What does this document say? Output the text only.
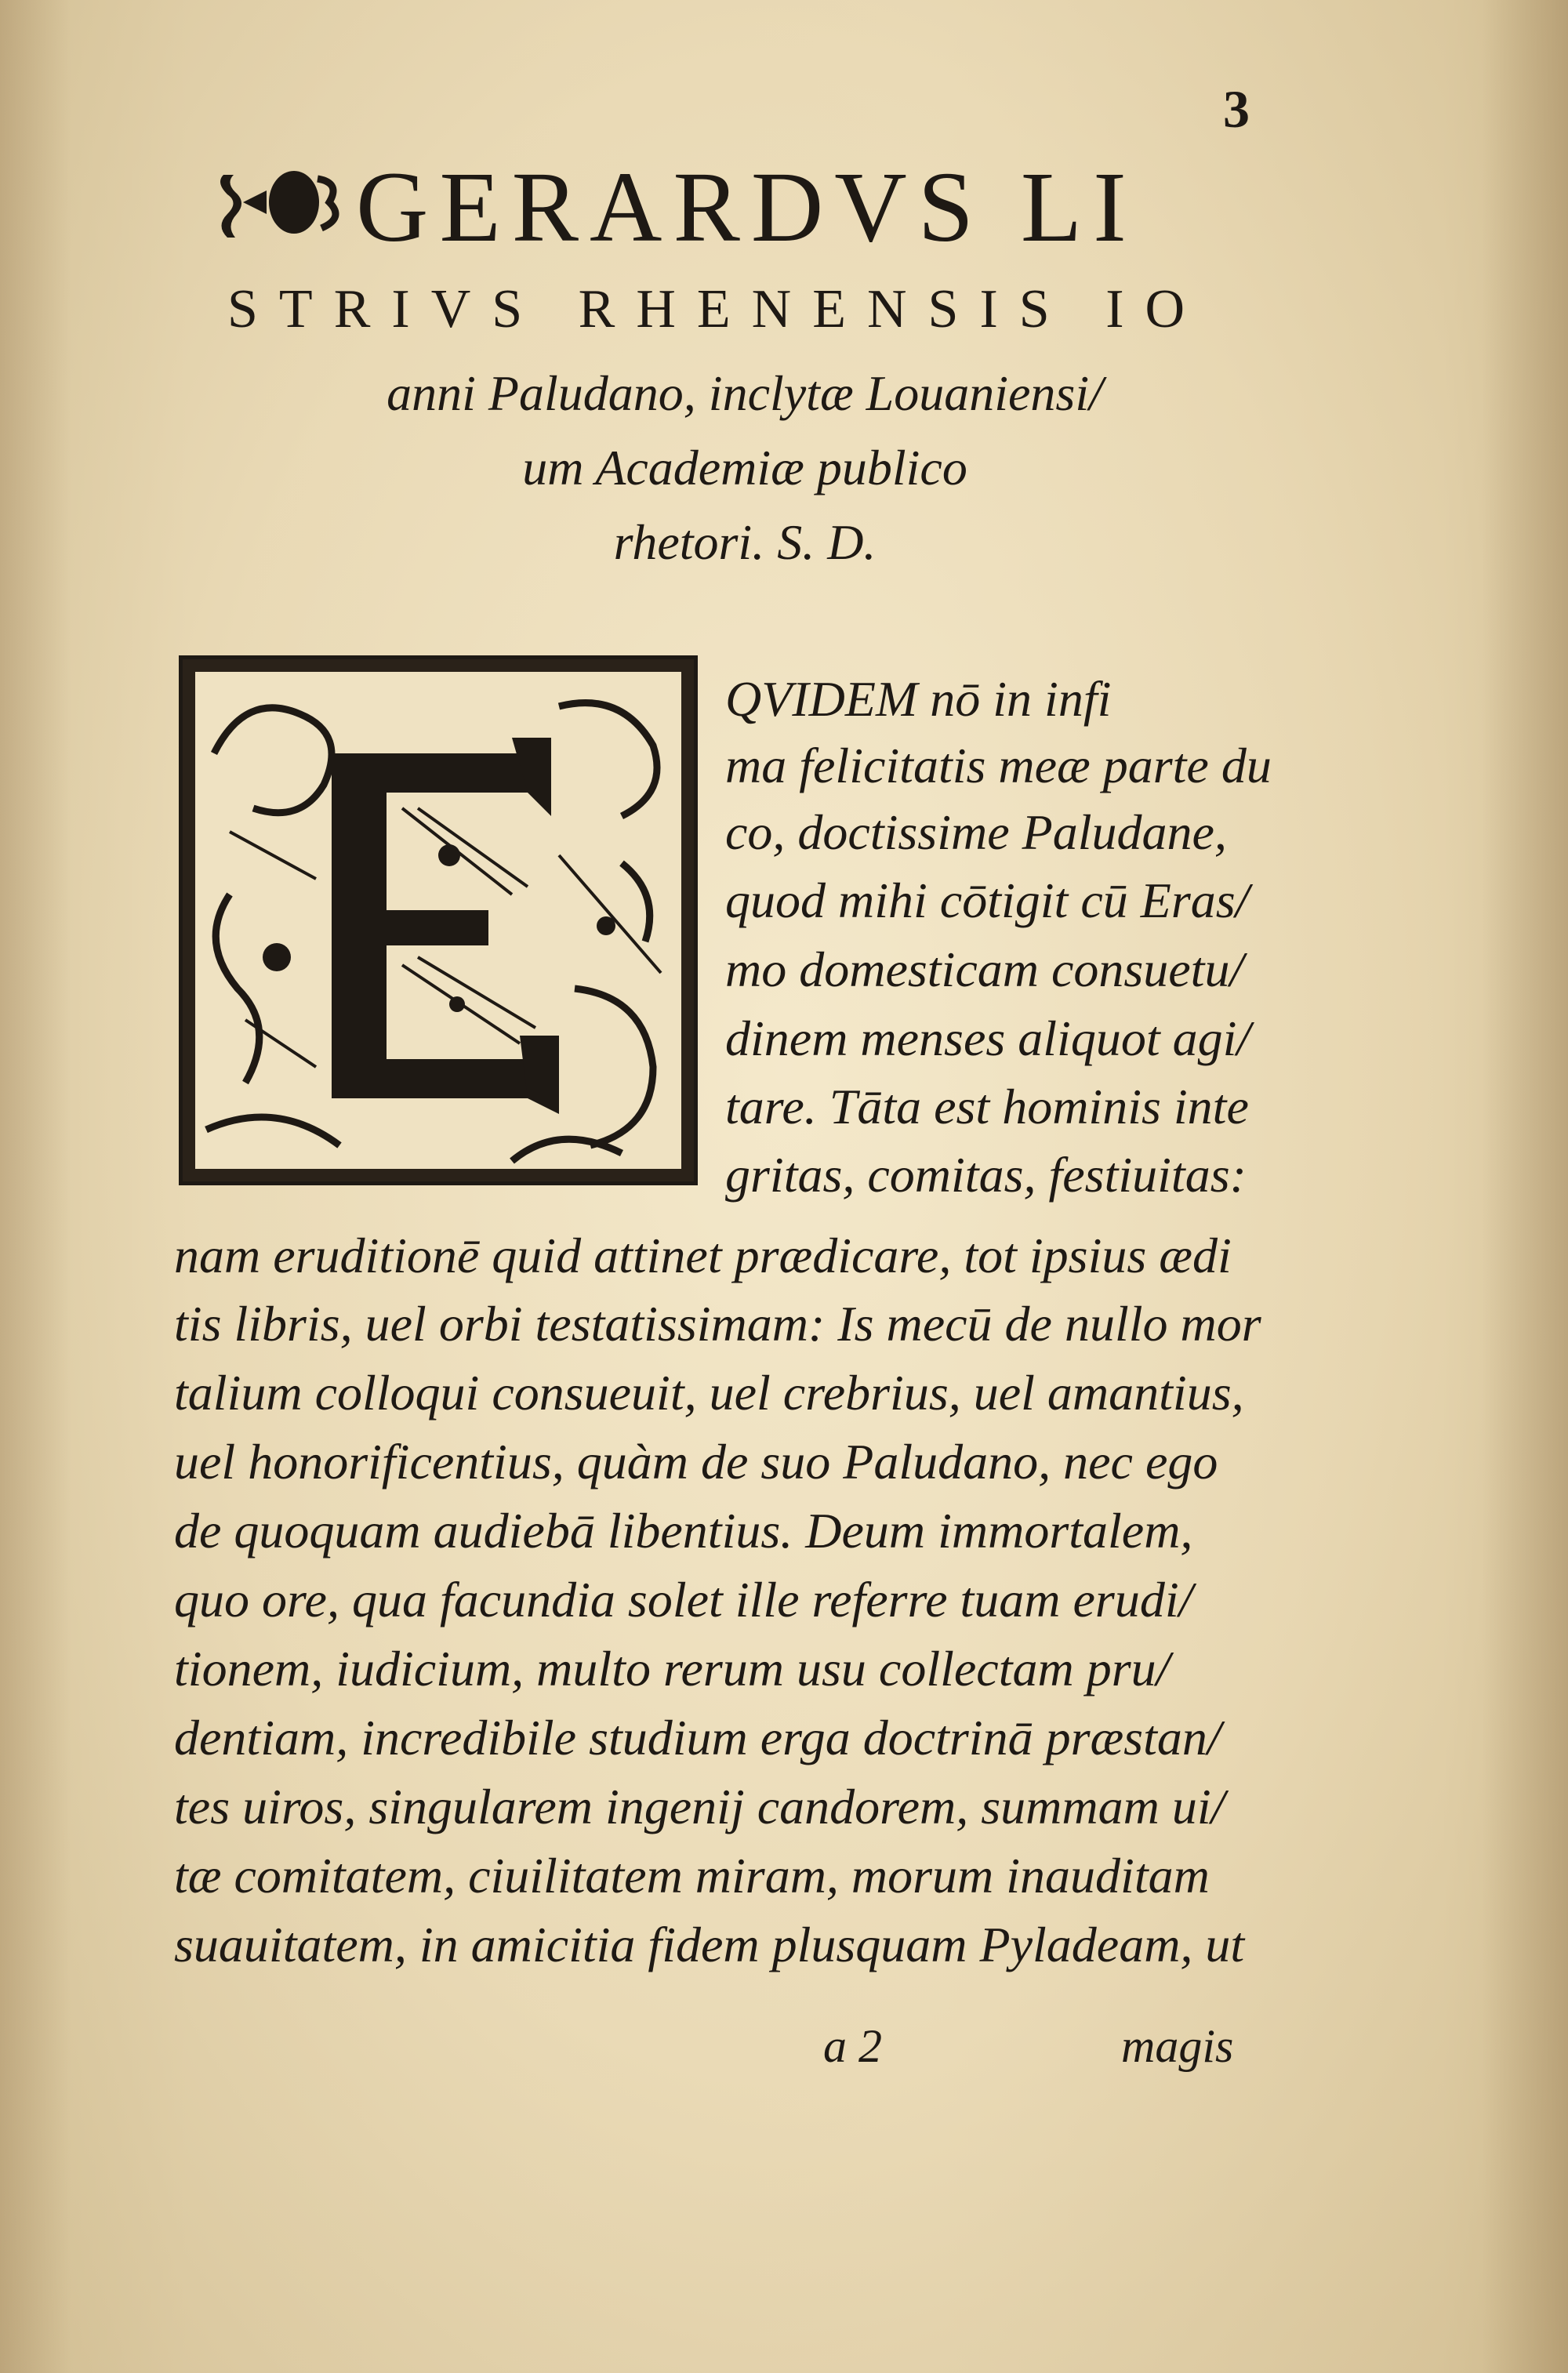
3
GERARDVS LI
STRIVS RHENENSIS IO
anni Paludano, inclytæ Louaniensi/
um Academiæ publico
rhetori. S. D.
QVIDEM nō in infi
ma felicitatis meæ parte du
co, doctissime Paludane,
quod mihi cōtigit cū Eras/
mo domesticam consuetu/
dinem menses aliquot agi/
tare. Tāta est hominis inte
gritas, comitas, festiuitas:
nam eruditionē quid attinet prædicare, tot ipsius ædi
tis libris, uel orbi testatissimam: Is mecū de nullo mor
talium colloqui consueuit, uel crebrius, uel amantius,
uel honorificentius, quàm de suo Paludano, nec ego
de quoquam audiebā libentius. Deum immortalem,
quo ore, qua facundia solet ille referre tuam erudi/
tionem, iudicium, multo rerum usu collectam pru/
dentiam, incredibile studium erga doctrinā præstan/
tes uiros, singularem ingenij candorem, summam ui/
tæ comitatem, ciuilitatem miram, morum inauditam
suauitatem, in amicitia fidem plusquam Pyladeam, ut
a 2	magis
